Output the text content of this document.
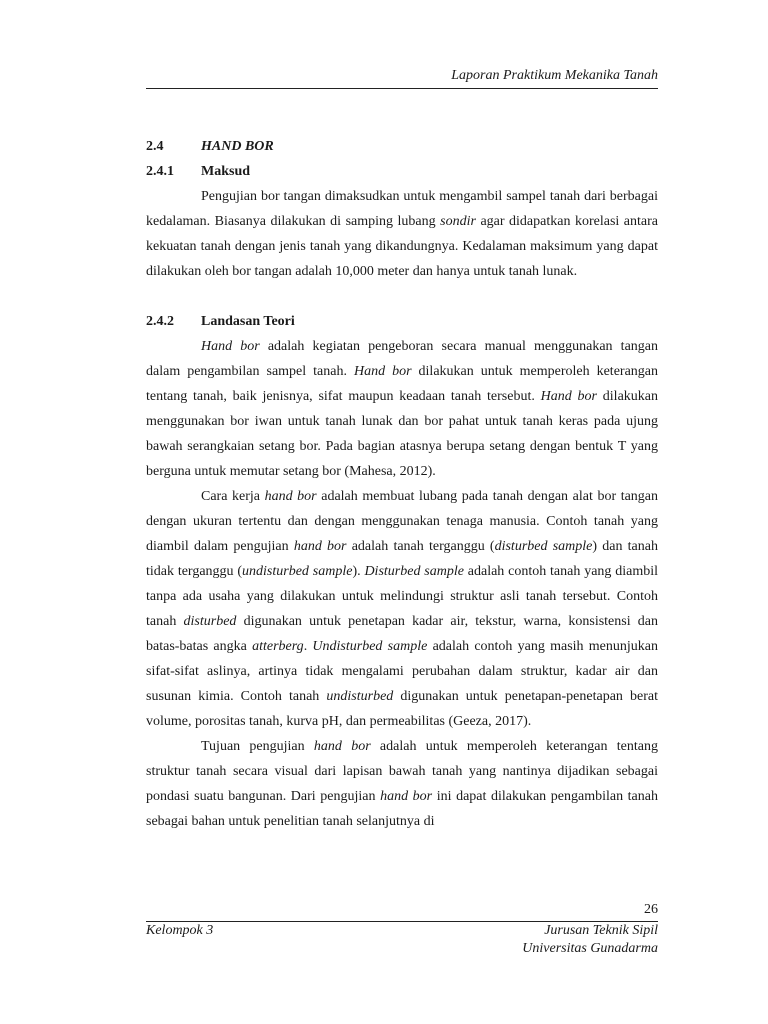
Laporan Praktikum Mekanika Tanah
2.4	HAND BOR
2.4.1 Maksud

Pengujian bor tangan dimaksudkan untuk mengambil sampel tanah dari berbagai kedalaman. Biasanya dilakukan di samping lubang sondir agar didapatkan korelasi antara kekuatan tanah dengan jenis tanah yang dikandungnya. Kedalaman maksimum yang dapat dilakukan oleh bor tangan adalah 10,000 meter dan hanya untuk tanah lunak.

2.4.2 Landasan Teori

Hand bor adalah kegiatan pengeboran secara manual menggunakan tangan dalam pengambilan sampel tanah. Hand bor dilakukan untuk memperoleh keterangan tentang tanah, baik jenisnya, sifat maupun keadaan tanah tersebut. Hand bor dilakukan menggunakan bor iwan untuk tanah lunak dan bor pahat untuk tanah keras pada ujung bawah serangkaian setang bor. Pada bagian atasnya berupa setang dengan bentuk T yang berguna untuk memutar setang bor (Mahesa, 2012).

Cara kerja hand bor adalah membuat lubang pada tanah dengan alat bor tangan dengan ukuran tertentu dan dengan menggunakan tenaga manusia. Contoh tanah yang diambil dalam pengujian hand bor adalah tanah terganggu (disturbed sample) dan tanah tidak terganggu (undisturbed sample). Disturbed sample adalah contoh tanah yang diambil tanpa ada usaha yang dilakukan untuk melindungi struktur asli tanah tersebut. Contoh tanah disturbed digunakan untuk penetapan kadar air, tekstur, warna, konsistensi dan batas-batas angka atterberg. Undisturbed sample adalah contoh yang masih menunjukan sifat-sifat aslinya, artinya tidak mengalami perubahan dalam struktur, kadar air dan susunan kimia. Contoh tanah undisturbed digunakan untuk penetapan-penetapan berat volume, porositas tanah, kurva pH, dan permeabilitas (Geeza, 2017).

Tujuan pengujian hand bor adalah untuk memperoleh keterangan tentang struktur tanah secara visual dari lapisan bawah tanah yang nantinya dijadikan sebagai pondasi suatu bangunan. Dari pengujian hand bor ini dapat dilakukan pengambilan tanah sebagai bahan untuk penelitian tanah selanjutnya di

26
Kelompok 3	Jurusan Teknik Sipil
Universitas Gunadarma
